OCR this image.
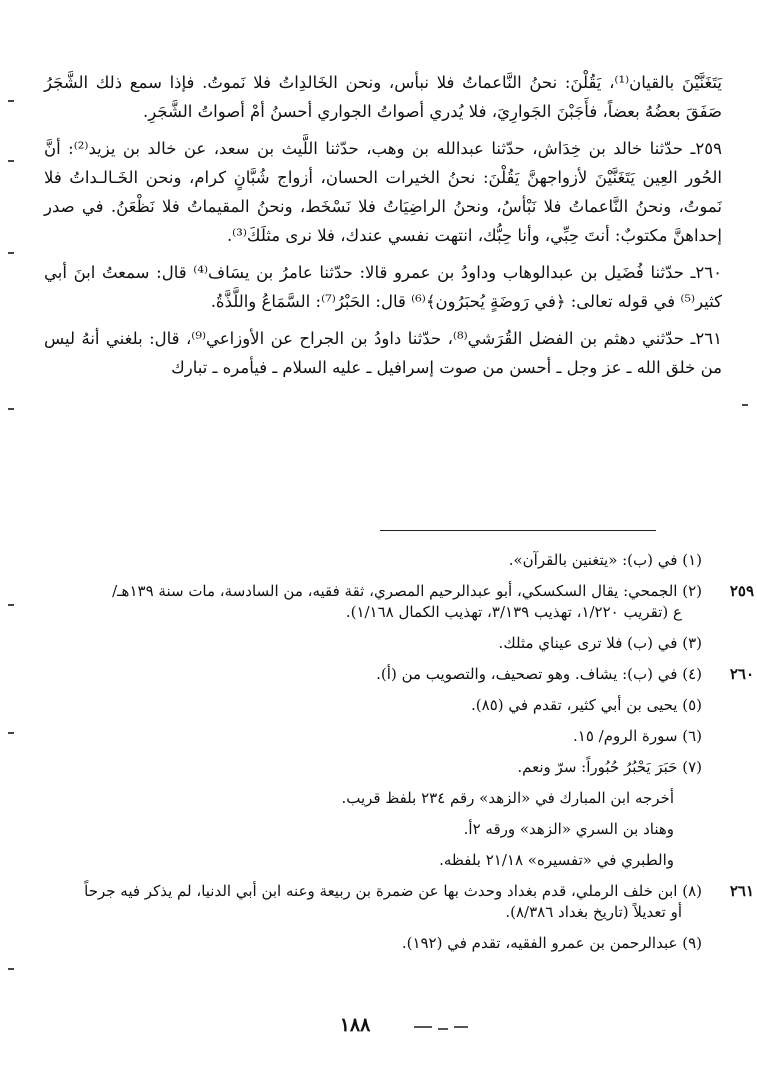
يَتَغَنَّيْنَ بالقيان⁽¹⁾، يَقُلْنَ: نحنُ النَّاعماتُ فلا نبأس، ونحن الخَالدِاتُ فلا نَموتُ. فإذا سمع ذلك الشَّجَرُ صَفَقَ بعضُهُ بعضاً، فأَجَبْنَ الجَوارِيَ، فلا يُدري أصواتُ الجواري أحسنُ أمْ أصواتُ الشَّجَرِ.

٢٥٩ـ حدّثنا خالد بن خِدَاش، حدّثنا عبدالله بن وهب، حدّثنا اللَّيث بن سعد، عن خالد بن يزيد⁽²⁾: أنَّ الحُور العِين يَتَغَنَّيْنَ لأزواجهنَّ يَقُلْنَ: نحنُ الخيرات الحسان، أزواج شُبَّانٍ كرام، ونحن الخَـالـداتُ فلا نَموتُ، ونحنُ النَّاعماتُ فلا نَبْأسُ، ونحنُ الراضِيَاتُ فلا نَسْخَط، ونحنُ المقيماتُ فلا نَظْعَنُ. في صدر إحداهنَّ مكتوبٌ: أنتَ حِبِّي، وأنا حِبُّك، انتهت نفسي عندك، فلا نرى مثلَكَ⁽³⁾.

٢٦٠ـ حدّثنا فُضَيل بن عبدالوهاب وداودُ بن عمرو قالا: حدّثنا عامرُ بن يسَاف⁽⁴⁾ قال: سمعتُ ابنَ أبي كثير⁽⁵⁾ في قوله تعالى: ﴿في رَوضَةٍ يُحبَرُون﴾⁽⁶⁾ قال: الحَبْرُ⁽⁷⁾: السَّمَاعُ واللَّذَّةُ.

٢٦١ـ حدّثني دهثم بن الفضل القُرَشي⁽⁸⁾، حدّثنا داودُ بن الجراح عن الأوزاعي⁽⁹⁾، قال: بلغني أنهُ ليس من خلق الله ـ عز وجل ـ أحسن من صوت إسرافيل ـ عليه السلام ـ فيأمره ـ تبارك

(١) في (ب): «يتغنين بالقرآن».
٢٥٩
(٢) الجمحي: يقال السكسكي، أبو عبدالرحيم المصري، ثقة فقيه، من السادسة، مات سنة ١٣٩هـ/
ع (تقريب ١/٢٢٠، تهذيب ٣/١٣٩، تهذيب الكمال ١/١٦٨).
(٣) في (ب) فلا ترى عيناي مثلك.
٢٦٠
(٤) في (ب): يشاف. وهو تصحيف، والتصويب من (أ).
(٥) يحيى بن أبي كثير، تقدم في (٨٥).
(٦) سورة الروم/ ١٥.
(٧) حَبَرَ يَحْبُرُ حُبُوراً: سرّ ونعم.
أخرجه ابن المبارك في «الزهد» رقم ٢٣٤ بلفظ قريب.
وهناد بن السري «الزهد» ورقه ٢أ.
والطبري في «تفسيره» ٢١/١٨ بلفظه.
٢٦١
(٨) ابن خلف الرملي، قدم بغداد وحدث بها عن ضمرة بن ربيعة وعنه ابن أبي الدنيا، لم يذكر فيه جرحاً
أو تعديلاً (تاريخ بغداد ٨/٣٨٦).
(٩) عبدالرحمن بن عمرو الفقيه، تقدم في (١٩٢).
١٨٨
